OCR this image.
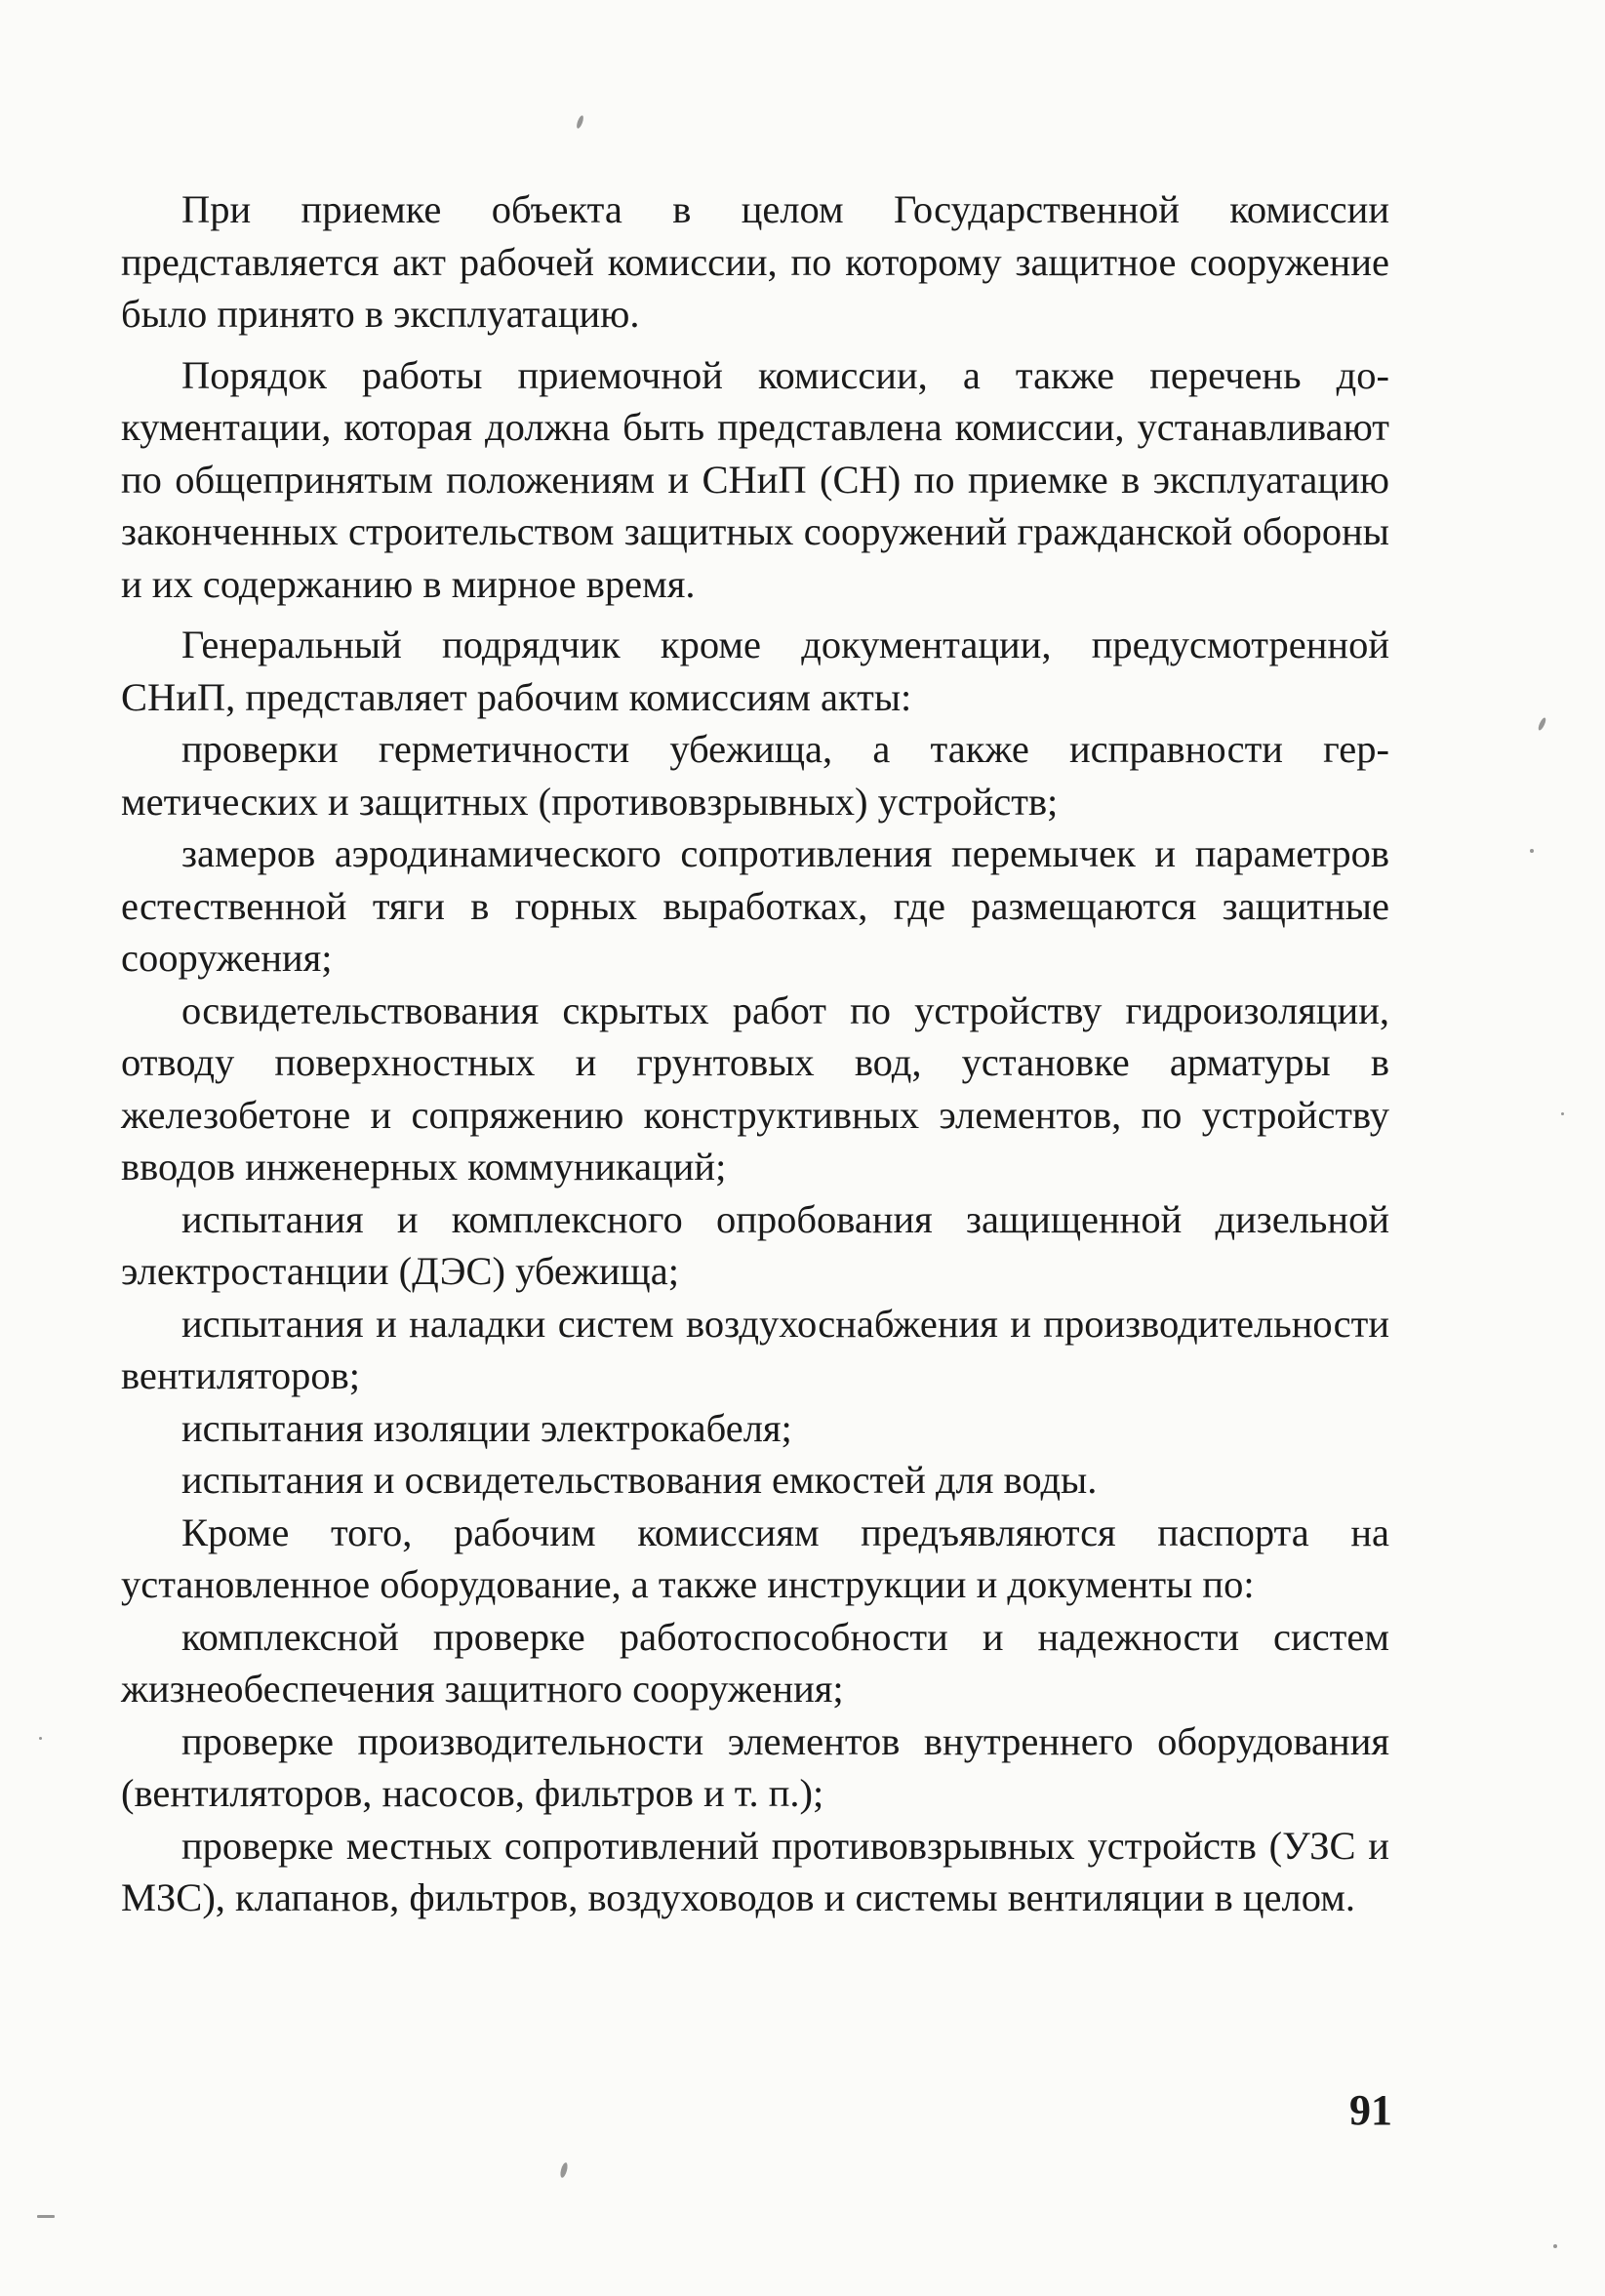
При приемке объекта в целом Государственной комиссии представляется акт рабочей комиссии, по которому защитное сооружение было принято в эксплуатацию.

Порядок работы приемочной комиссии, а также перечень документации, которая должна быть представлена комиссии, устанавливают по общепринятым положениям и СНиП (СН) по приемке в эксплуатацию законченных строительством защитных сооружений гражданской обороны и их содержанию в мирное время.

Генеральный подрядчик кроме документации, предусмотренной СНиП, представляет рабочим комиссиям акты:

проверки герметичности убежища, а также исправности герметических и защитных (противовзрывных) устройств;

замеров аэродинамического сопротивления перемычек и параметров естественной тяги в горных выработках, где размещаются защитные сооружения;

освидетельствования скрытых работ по устройству гидроизоляции, отводу поверхностных и грунтовых вод, установке арматуры в железобетоне и сопряжению конструктивных элементов, по устройству вводов инженерных коммуникаций;

испытания и комплексного опробования защищенной дизельной электростанции (ДЭС) убежища;

испытания и наладки систем воздухоснабжения и производительности вентиляторов;

испытания изоляции электрокабеля;

испытания и освидетельствования емкостей для воды.

Кроме того, рабочим комиссиям предъявляются паспорта на установленное оборудование, а также инструкции и документы по:

комплексной проверке работоспособности и надежности систем жизнеобеспечения защитного сооружения;

проверке производительности элементов внутреннего оборудования (вентиляторов, насосов, фильтров и т. п.);

проверке местных сопротивлений противовзрывных устройств (УЗС и МЗС), клапанов, фильтров, воздуховодов и системы вентиляции в целом.

91
